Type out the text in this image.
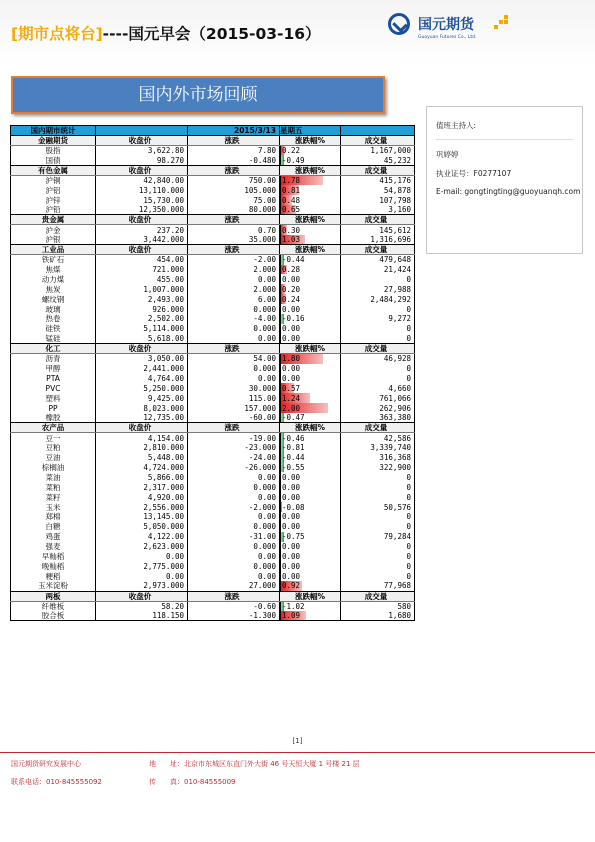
[期市点将台]----国元早会（2015-03-16）	国元期货
Guoyuan Futures Co., Ltd.
国内外市场回顾
值班主持人:
巩婷婷
执业证号：F0277107
E-mail: gongtingting@guoyuanqh.com
国内期市统计		2015/3/13	星期五	
金融期货	收盘价	涨跌	涨跌幅%	成交量
股指	3,622.80	7.80	0.22	1,167,000
国债	98.270	-0.480	-0.49	45,232
有色金属	收盘价	涨跌	涨跌幅%	成交量
沪铜	42,840.00	750.00	1.78	415,176
沪铝	13,110.000	105.000	0.81	54,878
沪锌	15,730.00	75.00	0.48	107,798
沪铅	12,350.000	80.000	0.65	3,160
贵金属	收盘价	涨跌	涨跌幅%	成交量
沪金	237.20	0.70	0.30	145,612
沪银	3,442.000	35.000	1.03	1,316,696
工业品	收盘价	涨跌	涨跌幅%	成交量
铁矿石	454.00	-2.00	-0.44	479,648
焦煤	721.000	2.000	0.28	21,424
动力煤	455.00	0.00	0.00	0
焦炭	1,007.000	2.000	0.20	27,988
螺纹钢	2,493.00	6.00	0.24	2,484,292
玻璃	926.000	0.000	0.00	0
热卷	2,502.00	-4.00	-0.16	9,272
硅铁	5,114.000	0.000	0.00	0
锰硅	5,618.00	0.00	0.00	0
化工	收盘价	涨跌	涨跌幅%	成交量
沥青	3,050.00	54.00	1.80	46,928
甲醇	2,441.000	0.000	0.00	0
PTA	4,764.00	0.00	0.00	0
PVC	5,250.000	30.000	0.57	4,660
塑料	9,425.00	115.00	1.24	761,066
PP	8,023.000	157.000	2.00	262,906
橡胶	12,735.00	-60.00	-0.47	363,380
农产品	收盘价	涨跌	涨跌幅%	成交量
豆一	4,154.00	-19.00	-0.46	42,586
豆粕	2,810.000	-23.000	-0.81	3,339,740
豆油	5,448.00	-24.00	-0.44	316,368
棕榈油	4,724.000	-26.000	-0.55	322,900
菜油	5,866.00	0.00	0.00	0
菜粕	2,317.000	0.000	0.00	0
菜籽	4,920.00	0.00	0.00	0
玉米	2,556.000	-2.000	-0.08	50,576
郑棉	13,145.00	0.00	0.00	0
白糖	5,050.000	0.000	0.00	0
鸡蛋	4,122.00	-31.00	-0.75	79,284
强麦	2,623.000	0.000	0.00	0
早籼稻	0.00	0.00	0.00	0
晚籼稻	2,775.000	0.000	0.00	0
粳稻	0.00	0.00	0.00	0
玉米淀粉	2,973.000	27.000	0.92	77,968
两板	收盘价	涨跌	涨跌幅%	成交量
纤维板	58.20	-0.60	-1.02	580
胶合板	118.150	-1.300	1.09	1,680
[1]
国元期货研究发展中心	地　　址：北京市东城区东直门外大街 46 号天恒大厦 1 号楼 21 层
联系电话：010-845555092	传　　真：010-84555009
